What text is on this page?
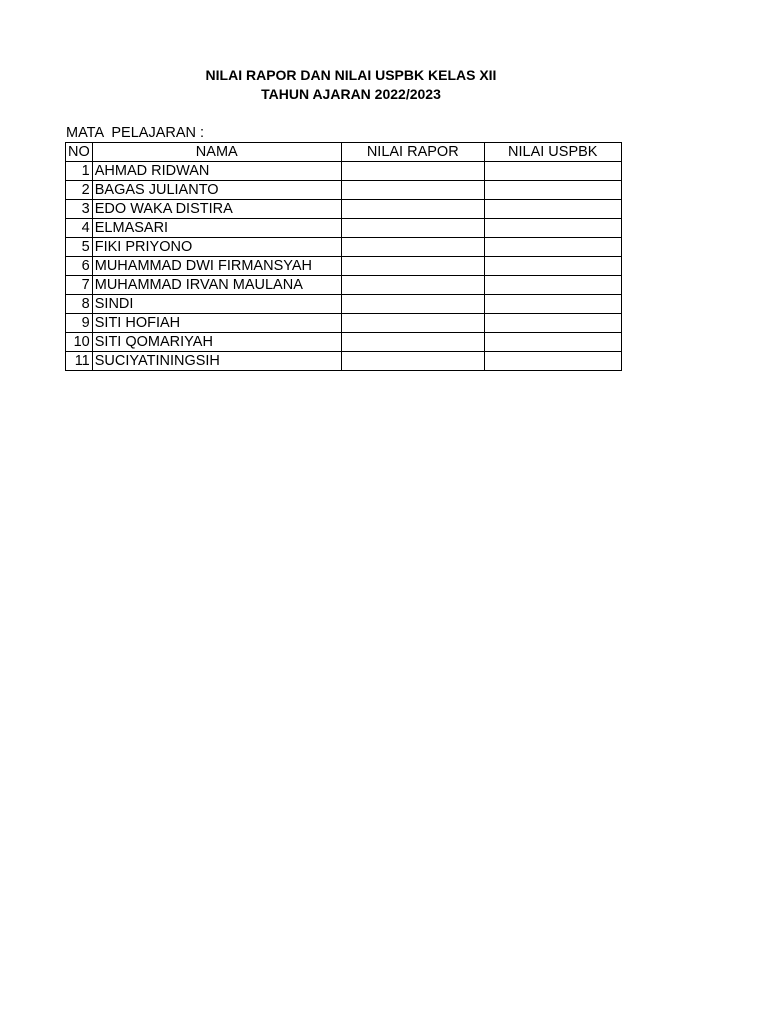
NILAI RAPOR DAN NILAI USPBK KELAS XII
TAHUN AJARAN 2022/2023
MATA  PELAJARAN :
NO	NAMA	NILAI RAPOR	NILAI USPBK
1	AHMAD RIDWAN		
2	BAGAS JULIANTO		
3	EDO WAKA DISTIRA		
4	ELMASARI		
5	FIKI PRIYONO		
6	MUHAMMAD DWI FIRMANSYAH		
7	MUHAMMAD IRVAN MAULANA		
8	SINDI		
9	SITI HOFIAH		
10	SITI QOMARIYAH		
11	SUCIYATININGSIH		
